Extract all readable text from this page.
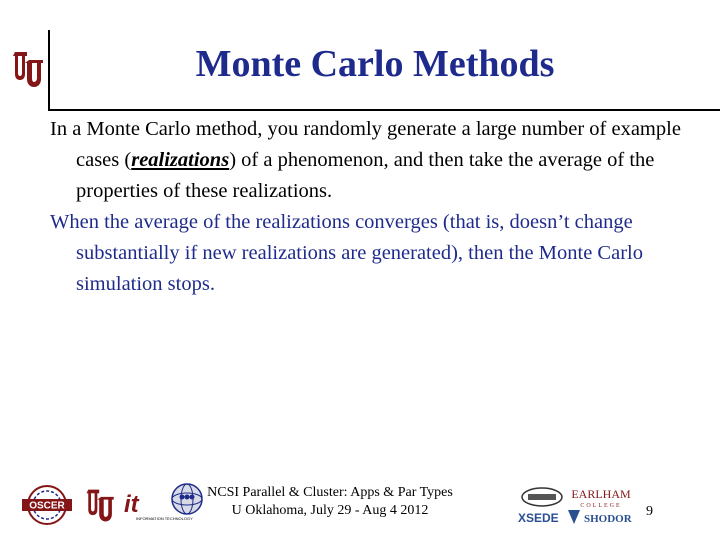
Monte Carlo Methods

In a Monte Carlo method, you randomly generate a large number of example cases (realizations) of a phenomenon, and then take the average of the properties of these realizations.

When the average of the realizations converges (that is, doesn’t change substantially if new realizations are generated), then the Monte Carlo simulation stops.

OSCER it
INFORMATION TECHNOLOGY
NCSI Parallel & Cluster: Apps & Par Types
U Oklahoma, July 29 - Aug 4 2012	XSEDE
EARLHAM
COLLEGE
SHODOR 9
